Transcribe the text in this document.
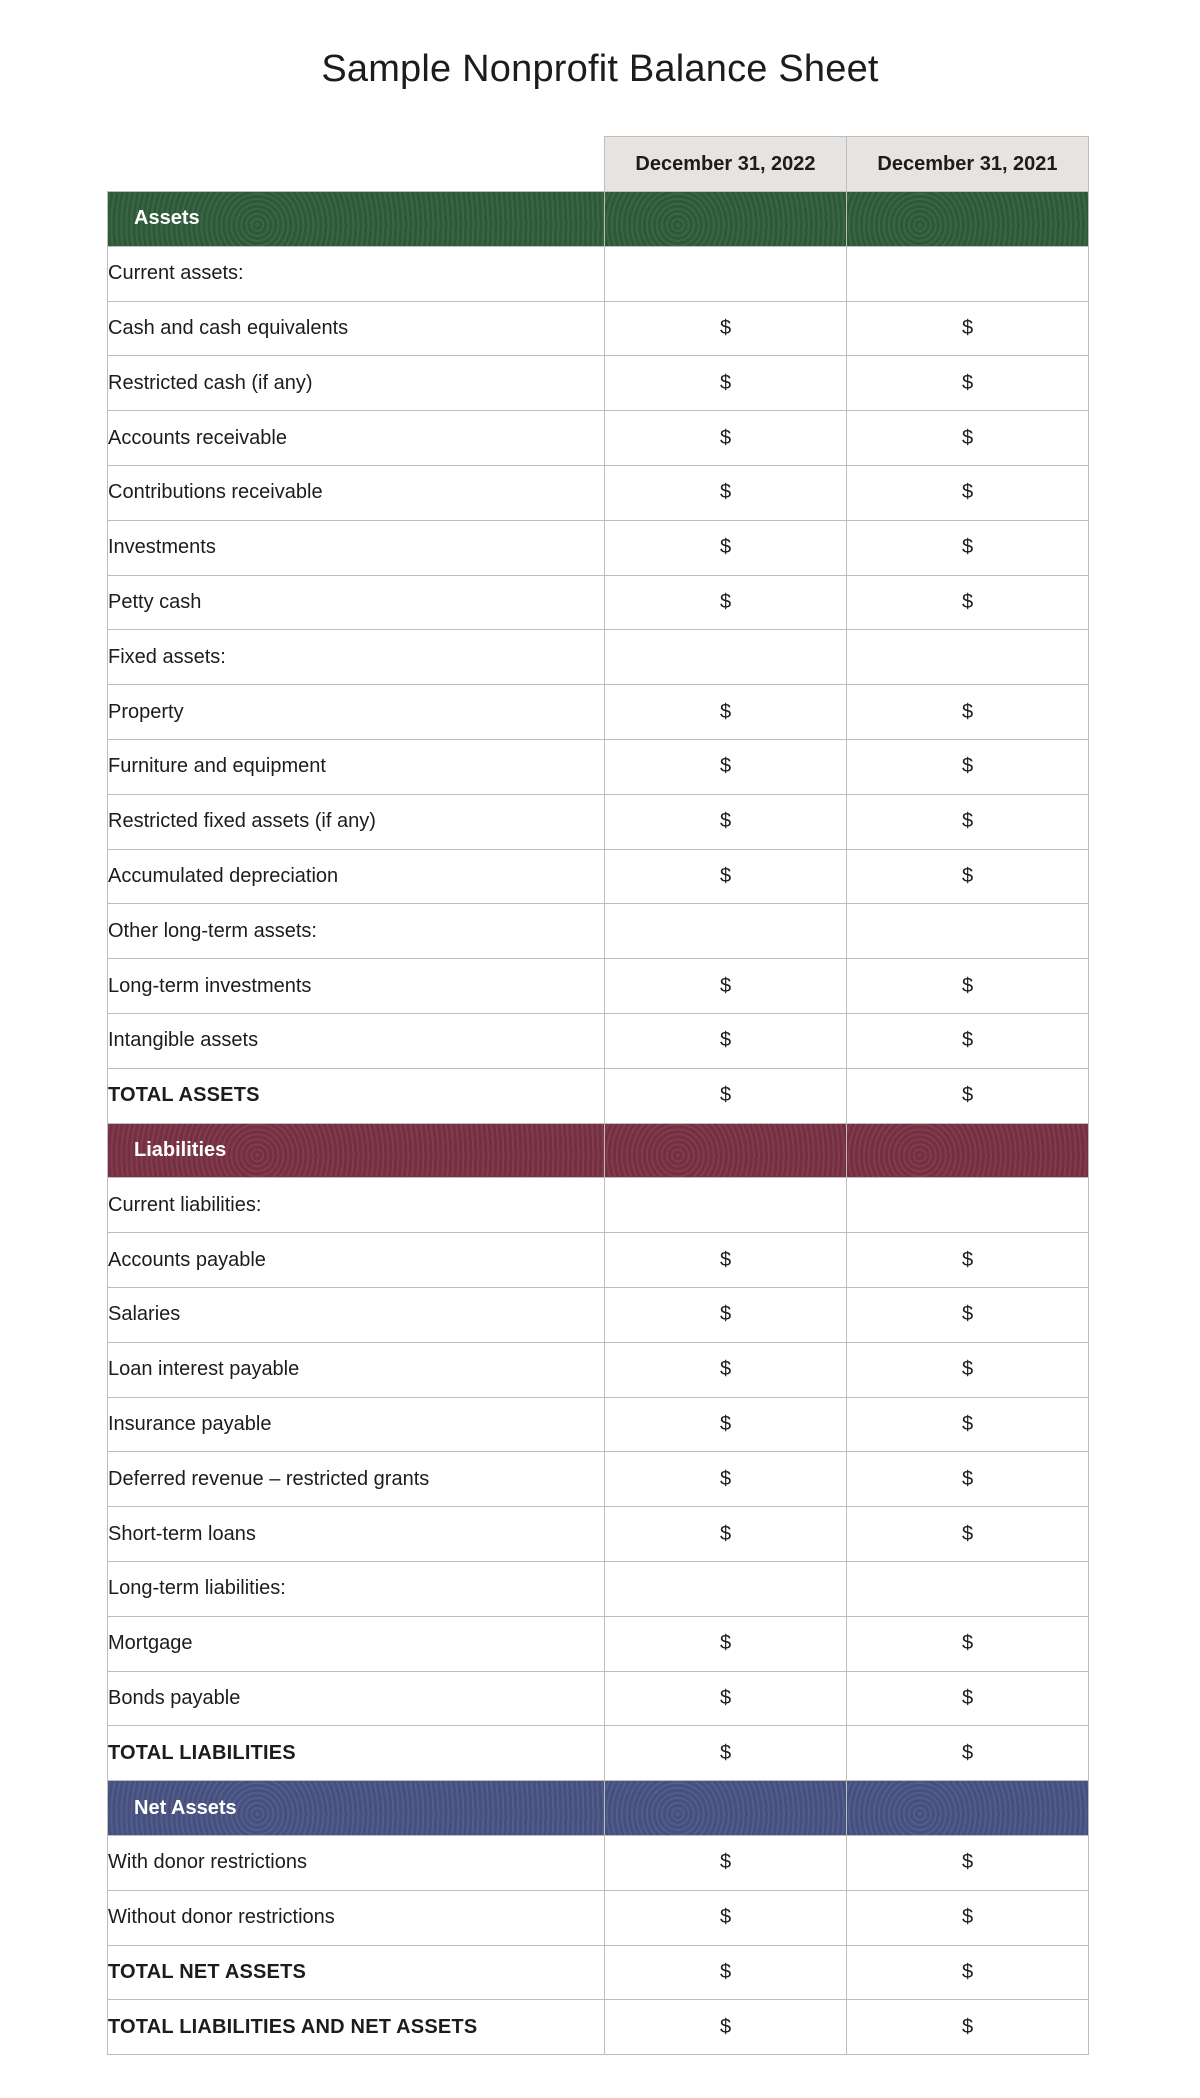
Sample Nonprofit Balance Sheet
	December 31, 2022	December 31, 2021
Assets		
Current assets:		
Cash and cash equivalents	$	$
Restricted cash (if any)	$	$
Accounts receivable	$	$
Contributions receivable	$	$
Investments	$	$
Petty cash	$	$
Fixed assets:		
Property	$	$
Furniture and equipment	$	$
Restricted fixed assets (if any)	$	$
Accumulated depreciation	$	$
Other long-term assets:		
Long-term investments	$	$
Intangible assets	$	$
TOTAL ASSETS	$	$
Liabilities		
Current liabilities:		
Accounts payable	$	$
Salaries	$	$
Loan interest payable	$	$
Insurance payable	$	$
Deferred revenue – restricted grants	$	$
Short-term loans	$	$
Long-term liabilities:		
Mortgage	$	$
Bonds payable	$	$
TOTAL LIABILITIES	$	$
Net Assets		
With donor restrictions	$	$
Without donor restrictions	$	$
TOTAL NET ASSETS	$	$
TOTAL LIABILITIES AND NET ASSETS	$	$
